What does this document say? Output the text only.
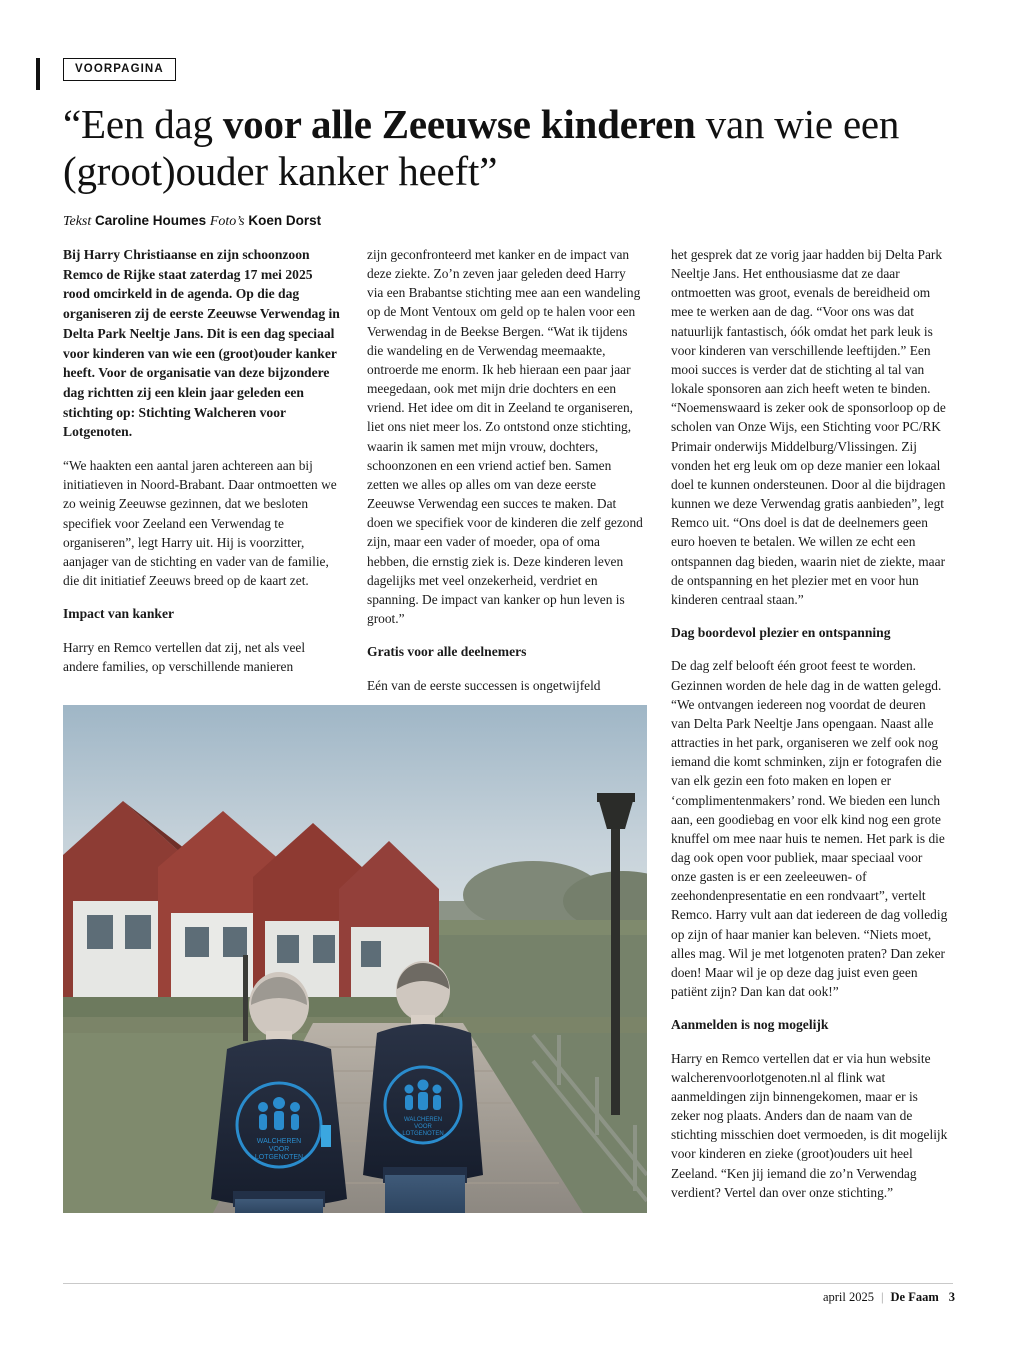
VOORPAGINA
“Een dag voor alle Zeeuwse kinderen van wie een (groot)ouder kanker heeft”
Tekst Caroline Houmes Foto’s Koen Dorst

Bij Harry Christiaanse en zijn schoonzoon Remco de Rijke staat zaterdag 17 mei 2025 rood omcirkeld in de agenda. Op die dag organiseren zij de eerste Zeeuwse Verwendag in Delta Park Neeltje Jans. Dit is een dag speciaal voor kinderen van wie een (groot)ouder kanker heeft. Voor de organisatie van deze bijzondere dag richtten zij een klein jaar geleden een stichting op: Stichting Walcheren voor Lotgenoten.

“We haakten een aantal jaren achtereen aan bij initiatieven in Noord-Brabant. Daar ontmoetten we zo weinig Zeeuwse gezinnen, dat we besloten specifiek voor Zeeland een Verwendag te organiseren”, legt Harry uit. Hij is voorzitter, aanjager van de stichting en vader van de familie, die dit initiatief Zeeuws breed op de kaart zet.

Impact van kanker

Harry en Remco vertellen dat zij, net als veel andere families, op verschillende manieren

zijn geconfronteerd met kanker en de impact van deze ziekte. Zo’n zeven jaar geleden deed Harry via een Brabantse stichting mee aan een wandeling op de Mont Ventoux om geld op te halen voor een Verwendag in de Beekse Bergen. “Wat ik tijdens die wandeling en de Verwendag meemaakte, ontroerde me enorm. Ik heb hieraan een paar jaar meegedaan, ook met mijn drie dochters en een vriend. Het idee om dit in Zeeland te organiseren, liet ons niet meer los. Zo ontstond onze stichting, waarin ik samen met mijn vrouw, dochters, schoonzonen en een vriend actief ben. Samen zetten we alles op alles om van deze eerste Zeeuwse Verwendag een succes te maken. Dat doen we specifiek voor de kinderen die zelf gezond zijn, maar een vader of moeder, opa of oma hebben, die ernstig ziek is. Deze kinderen leven dagelijks met veel onzekerheid, verdriet en spanning. De impact van kanker op hun leven is groot.”

Gratis voor alle deelnemers

Eén van de eerste successen is ongetwijfeld

het gesprek dat ze vorig jaar hadden bij Delta Park Neeltje Jans. Het enthousiasme dat ze daar ontmoetten was groot, evenals de bereidheid om mee te werken aan de dag. “Voor ons was dat natuurlijk fantastisch, óók omdat het park leuk is voor kinderen van verschillende leeftijden.” Een mooi succes is verder dat de stichting al tal van lokale sponsoren aan zich heeft weten te binden. “Noemenswaard is zeker ook de sponsorloop op de scholen van Onze Wijs, een Stichting voor PC/RK Primair onderwijs Middelburg/Vlissingen. Zij vonden het erg leuk om op deze manier een lokaal doel te kunnen ondersteunen. Door al die bijdragen kunnen we deze Verwendag gratis aanbieden”, legt Remco uit. “Ons doel is dat de deelnemers geen euro hoeven te betalen. We willen ze echt een ontspannen dag bieden, waarin niet de ziekte, maar de ontspanning en het plezier met en voor hun kinderen centraal staan.”

Dag boordevol plezier en ontspanning

De dag zelf belooft één groot feest te worden. Gezinnen worden de hele dag in de watten gelegd. “We ontvangen iedereen nog voordat de deuren van Delta Park Neeltje Jans opengaan. Naast alle attracties in het park, organiseren we zelf ook nog iemand die komt schminken, zijn er fotografen die van elk gezin een foto maken en lopen er ‘complimentenmakers’ rond. We bieden een lunch aan, een goodiebag en voor elk kind nog een grote knuffel om mee naar huis te nemen. Het park is die dag ook open voor publiek, maar speciaal voor onze gasten is er een zeeleeuwen- of zeehondenpresentatie en een rondvaart”, vertelt Remco. Harry vult aan dat iedereen de dag volledig op zijn of haar manier kan beleven. “Niets moet, alles mag. Wil je met lotgenoten praten? Dan zeker doen! Maar wil je op deze dag juist even geen patiënt zijn? Dan kan dat ook!”

Aanmelden is nog mogelijk

Harry en Remco vertellen dat er via hun website walcherenvoorlotgenoten.nl al flink wat aanmeldingen zijn binnengekomen, maar er is zeker nog plaats. Anders dan de naam van de stichting misschien doet vermoeden, is dit mogelijk voor kinderen en zieke (groot)ouders uit heel Zeeland. “Ken jij iemand die zo’n Verwendag verdient? Vertel dan over onze stichting.”

WALCHEREN
VOOR
LOTGENOTEN
WALCHEREN
VOOR
LOTGENOTEN
april 2025 | De Faam 3
